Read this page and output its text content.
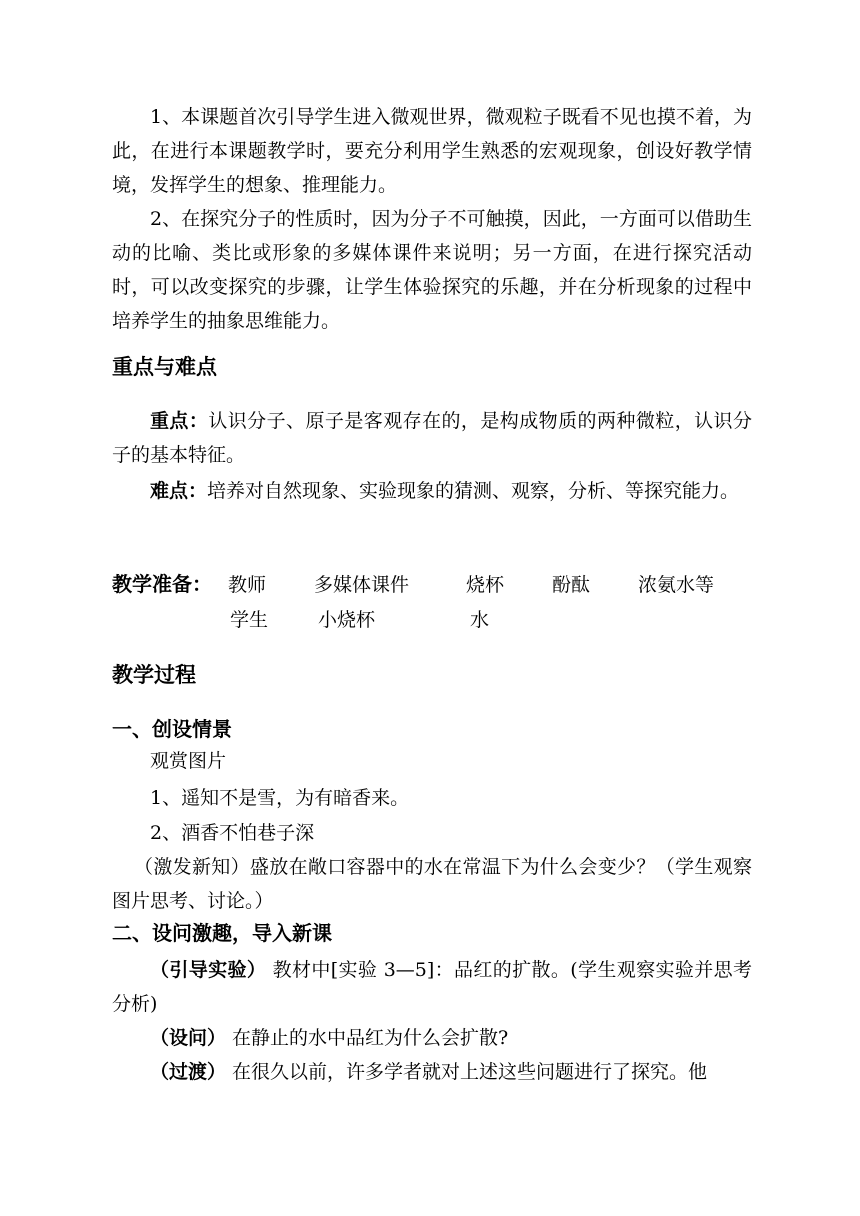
1、本课题首次引导学生进入微观世界，微观粒子既看不见也摸不着，为此，在进行本课题教学时，要充分利用学生熟悉的宏观现象，创设好教学情境，发挥学生的想象、推理能力。

2、在探究分子的性质时，因为分子不可触摸，因此，一方面可以借助生动的比喻、类比或形象的多媒体课件来说明；另一方面，在进行探究活动时，可以改变探究的步骤，让学生体验探究的乐趣，并在分析现象的过程中培养学生的抽象思维能力。

重点与难点

重点：认识分子、原子是客观存在的，是构成物质的两种微粒，认识分子的基本特征。

难点：培养对自然现象、实验现象的猜测、观察，分析、等探究能力。

教学准备： 教师	多媒体课件	烧杯	酚酞	浓氨水等
学生	小烧杯	水
教学过程
一、创设情景
观赏图片
1、遥知不是雪，为有暗香来。
2、酒香不怕巷子深

（激发新知）盛放在敞口容器中的水在常温下为什么会变少？（学生观察图片思考、讨论。）

二、设问激趣，导入新课

（引导实验） 教材中[实验 3—5]：品红的扩散。(学生观察实验并思考分析)

（设问） 在静止的水中品红为什么会扩散?

（过渡） 在很久以前，许多学者就对上述这些问题进行了探究。他
